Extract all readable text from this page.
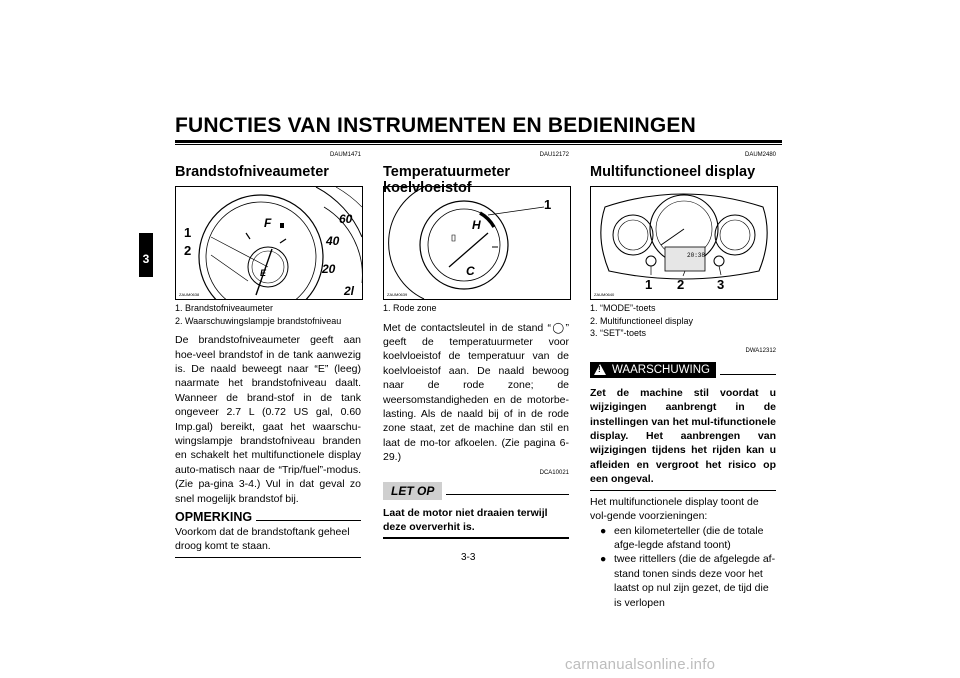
FUNCTIES VAN INSTRUMENTEN EN BEDIENINGEN
3
DAUM1471
Brandstofniveaumeter
F
E
60
40
20
2l
1
2
ZAUM0638
1. Brandstofniveaumeter
2. Waarschuwingslampje brandstofniveau
De brandstofniveaumeter geeft aan hoe-veel brandstof in de tank aanwezig is. De naald beweegt naar “E” (leeg) naarmate het brandstofniveau daalt. Wanneer de brand-stof in de tank ongeveer 2.7 L (0.72 US gal, 0.60 Imp.gal) bereikt, gaat het waarschu-wingslampje brandstofniveau branden en schakelt het multifunctionele display auto-matisch naar de “Trip/fuel”-modus. (Zie pa-gina 3-4.) Vul in dat geval zo snel mogelijk brandstof bij.
OPMERKING
Voorkom dat de brandstoftank geheel droog komt te staan.
DAU12172
Temperatuurmeter koelvloeistof
H
C
1
ZAUM0639
1. Rode zone
Met de contactsleutel in de stand “◯” geeft de temperatuurmeter voor koelvloeistof de temperatuur van de koelvloeistof aan. De naald bewoog naar de rode zone; de weersomstandigheden en de motorbe-lasting. Als de naald bij of in de rode zone staat, zet de machine dan stil en laat de mo-tor afkoelen. (Zie pagina 6-29.)
DCA10021
LET OP
Laat de motor niet draaien terwijl deze oververhit is.
DAUM2480
Multifunctioneel display
20:38
1 2	3
ZAUM0640
1. “MODE”-toets
2. Multifunctioneel display
3. “SET”-toets
DWA12312
!
WAARSCHUWING
Zet de machine stil voordat u wijzigingen aanbrengt in de instellingen van het mul-tifunctionele display. Het aanbrengen van wijzigingen tijdens het rijden kan u afleiden en vergroot het risico op een ongeval.
Het multifunctionele display toont de vol-gende voorzieningen:
● een kilometerteller (die de totale afge-legde afstand toont)
● twee rittellers (die de afgelegde af-stand tonen sinds deze voor het laatst op nul zijn gezet, de tijd die is verlopen
3-3
carmanualsonline.info
